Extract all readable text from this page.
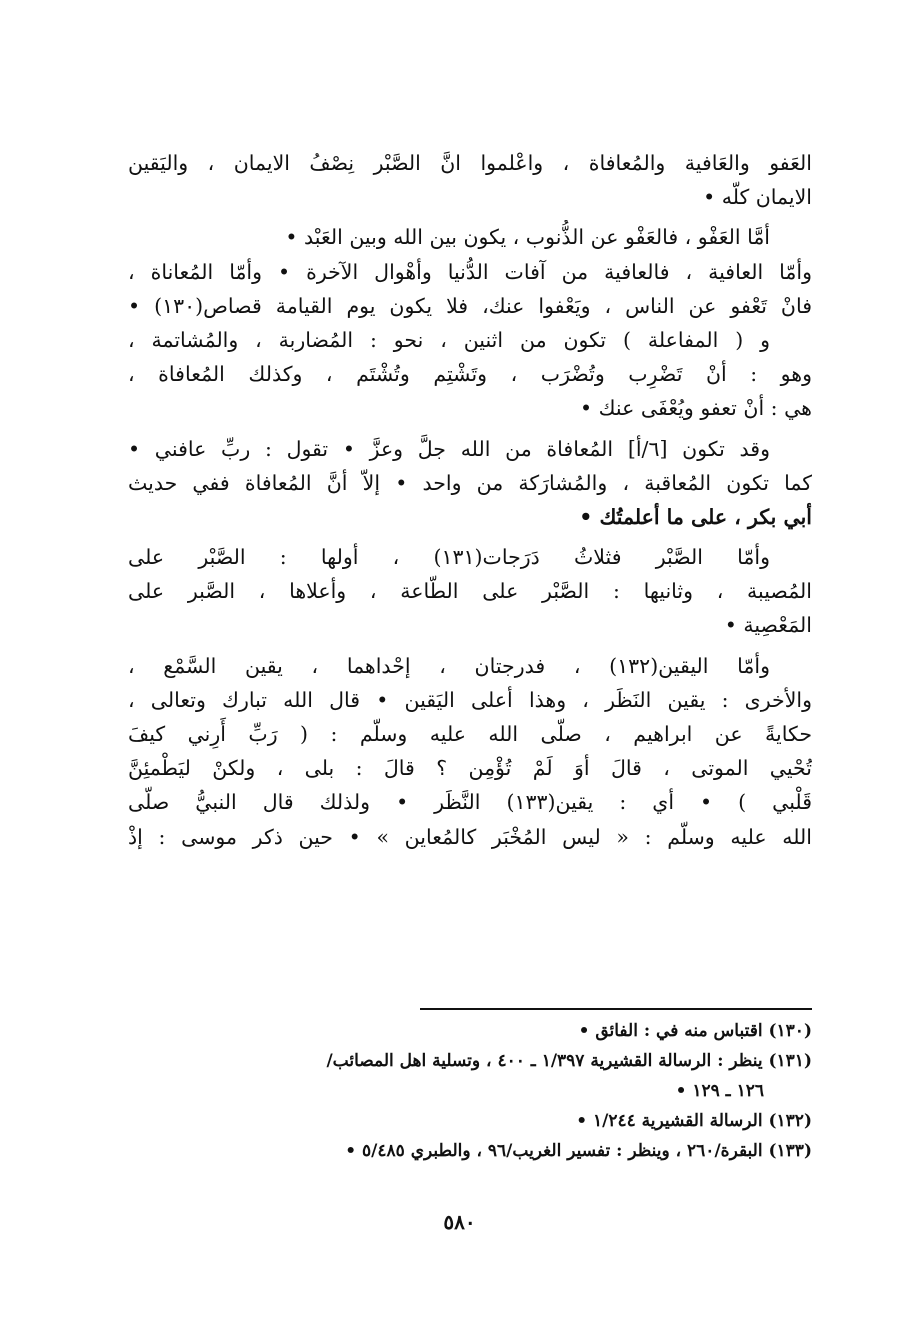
العَفو والعَافية والمُعافاة ، واعْلموا انَّ الصَّبْر نِصْفُ الايمان ، واليَقين
الايمان كلّه •
أمَّا العَفْو ، فالعَفْو عن الذُّنوب ، يكون بين الله وبين العَبْد •
وأمّا العافية ، فالعافية من آفات الدُّنيا وأهْوال الآخرة • وأمّا المُعاناة ،
فانْ تَعْفو عن الناس ، ويَعْفوا عنك، فلا يكون يوم القيامة قصاص(١٣٠) •
و ( المفاعلة ) تكون من اثنين ، نحو : المُضاربة ، والمُشاتمة ،
وهو : أنْ تَضْرِب وتُضْرَب ، وتَشْتِم وتُشْتَم ، وكذلك المُعافاة ،
هي : أنْ تعفو ويُعْفَى عنك •
وقد تكون [٦/أ] المُعافاة من الله جلَّ وعزَّ • تقول : ربِّ عافني •
كما تكون المُعاقبة ، والمُشارَكة من واحد • إلاّ أنَّ المُعافاة ففي حديث
أبي بكر ، على ما أعلمتُك •
وأمّا الصَّبْر فثلاثُ دَرَجات(١٣١) ، أولها : الصَّبْر على
المُصيبة ، وثانيها : الصَّبْر على الطّاعة ، وأعلاها ، الصَّبر على
المَعْصِية •
وأمّا اليقين(١٣٢) ، فدرجتان ، إحْداهما ، يقين السَّمْع ،
والأخرى : يقين النَظَر ، وهذا أعلى اليَقين • قال الله تبارك وتعالى ،
حكايةً عن ابراهيم ، صلّى الله عليه وسلّم : ( رَبِّ أَرِني كيفَ
تُحْيي الموتى ، قالَ أوَ لَمْ تُؤْمِن ؟ قالَ : بلى ، ولكنْ ليَطْمئِنَّ
قَلْبي ) • أي : يقين(١٣٣) النَّظَر • ولذلك قال النبيُّ صلّى
الله عليه وسلّم : « ليس المُخْبَر كالمُعاين » • حين ذكر موسى : إذْ
(١٣٠) اقتباس منه في : الفائق •
(١٣١) ينظر : الرسالة القشيرية ١/٣٩٧ ـ ٤٠٠ ، وتسلية اهل المصائب/
١٢٦ ـ ١٢٩ •
(١٣٢) الرسالة القشيرية ١/٢٤٤ •
(١٣٣) البقرة/٢٦٠ ، وينظر : تفسير الغريب/٩٦ ، والطبري ٥/٤٨٥ •
٥٨٠
